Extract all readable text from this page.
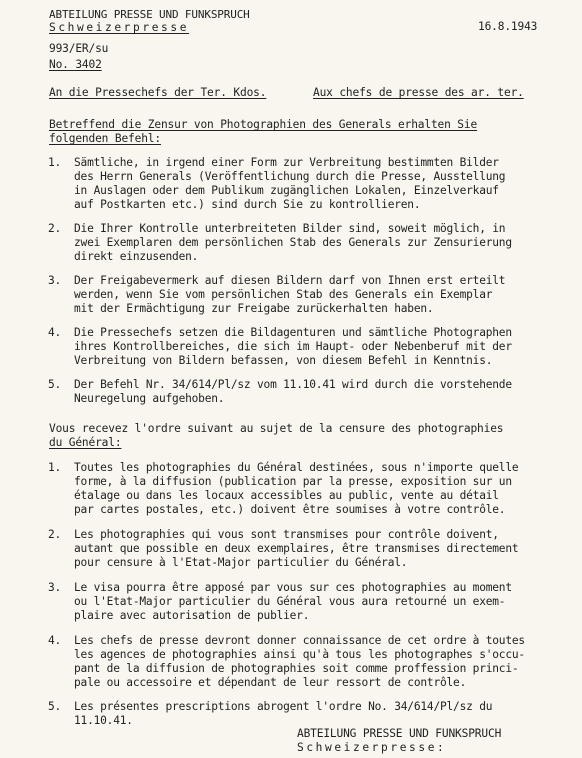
ABTEILUNG PRESSE UND FUNKSPRUCH
Schweizerpresse	16.8.1943
993/ER/su
No. 3402
An die Pressechefs der Ter. Kdos.	Aux chefs de presse des ar. ter.
Betreffend die Zensur von Photographien des Generals erhalten Sie
folgenden Befehl:
1. Sämtliche, in irgend einer Form zur Verbreitung bestimmten Bilder
des Herrn Generals (Veröffentlichung durch die Presse, Ausstellung
in Auslagen oder dem Publikum zugänglichen Lokalen, Einzelverkauf
auf Postkarten etc.) sind durch Sie zu kontrollieren.
2. Die Ihrer Kontrolle unterbreiteten Bilder sind, soweit möglich, in
zwei Exemplaren dem persönlichen Stab des Generals zur Zensurierung
direkt einzusenden.
3. Der Freigabevermerk auf diesen Bildern darf von Ihnen erst erteilt
werden, wenn Sie vom persönlichen Stab des Generals ein Exemplar
mit der Ermächtigung zur Freigabe zurückerhalten haben.
4. Die Pressechefs setzen die Bildagenturen und sämtliche Photographen
ihres Kontrollbereiches, die sich im Haupt- oder Nebenberuf mit der
Verbreitung von Bildern befassen, von diesem Befehl in Kenntnis.
5. Der Befehl Nr. 34/614/Pl/sz vom 11.10.41 wird durch die vorstehende
Neuregelung aufgehoben.
Vous recevez l'ordre suivant au sujet de la censure des photographies
du Général:
1. Toutes les photographies du Général destinées, sous n'importe quelle
forme, à la diffusion (publication par la presse, exposition sur un
étalage ou dans les locaux accessibles au public, vente au détail
par cartes postales, etc.) doivent être soumises à votre contrôle.
2. Les photographies qui vous sont transmises pour contrôle doivent,
autant que possible en deux exemplaires, être transmises directement
pour censure à l'Etat-Major particulier du Général.
3. Le visa pourra être apposé par vous sur ces photographies au moment
ou l'Etat-Major particulier du Général vous aura retourné un exem-
plaire avec autorisation de publier.
4. Les chefs de presse devront donner connaissance de cet ordre à toutes
les agences de photographies ainsi qu'à tous les photographes s'occu-
pant de la diffusion de photographies soit comme proffession princi-
pale ou accessoire et dépendant de leur ressort de contrôle.
5. Les présentes prescriptions abrogent l'ordre No. 34/614/Pl/sz du
11.10.41.
ABTEILUNG PRESSE UND FUNKSPRUCH
Schweizerpresse:
